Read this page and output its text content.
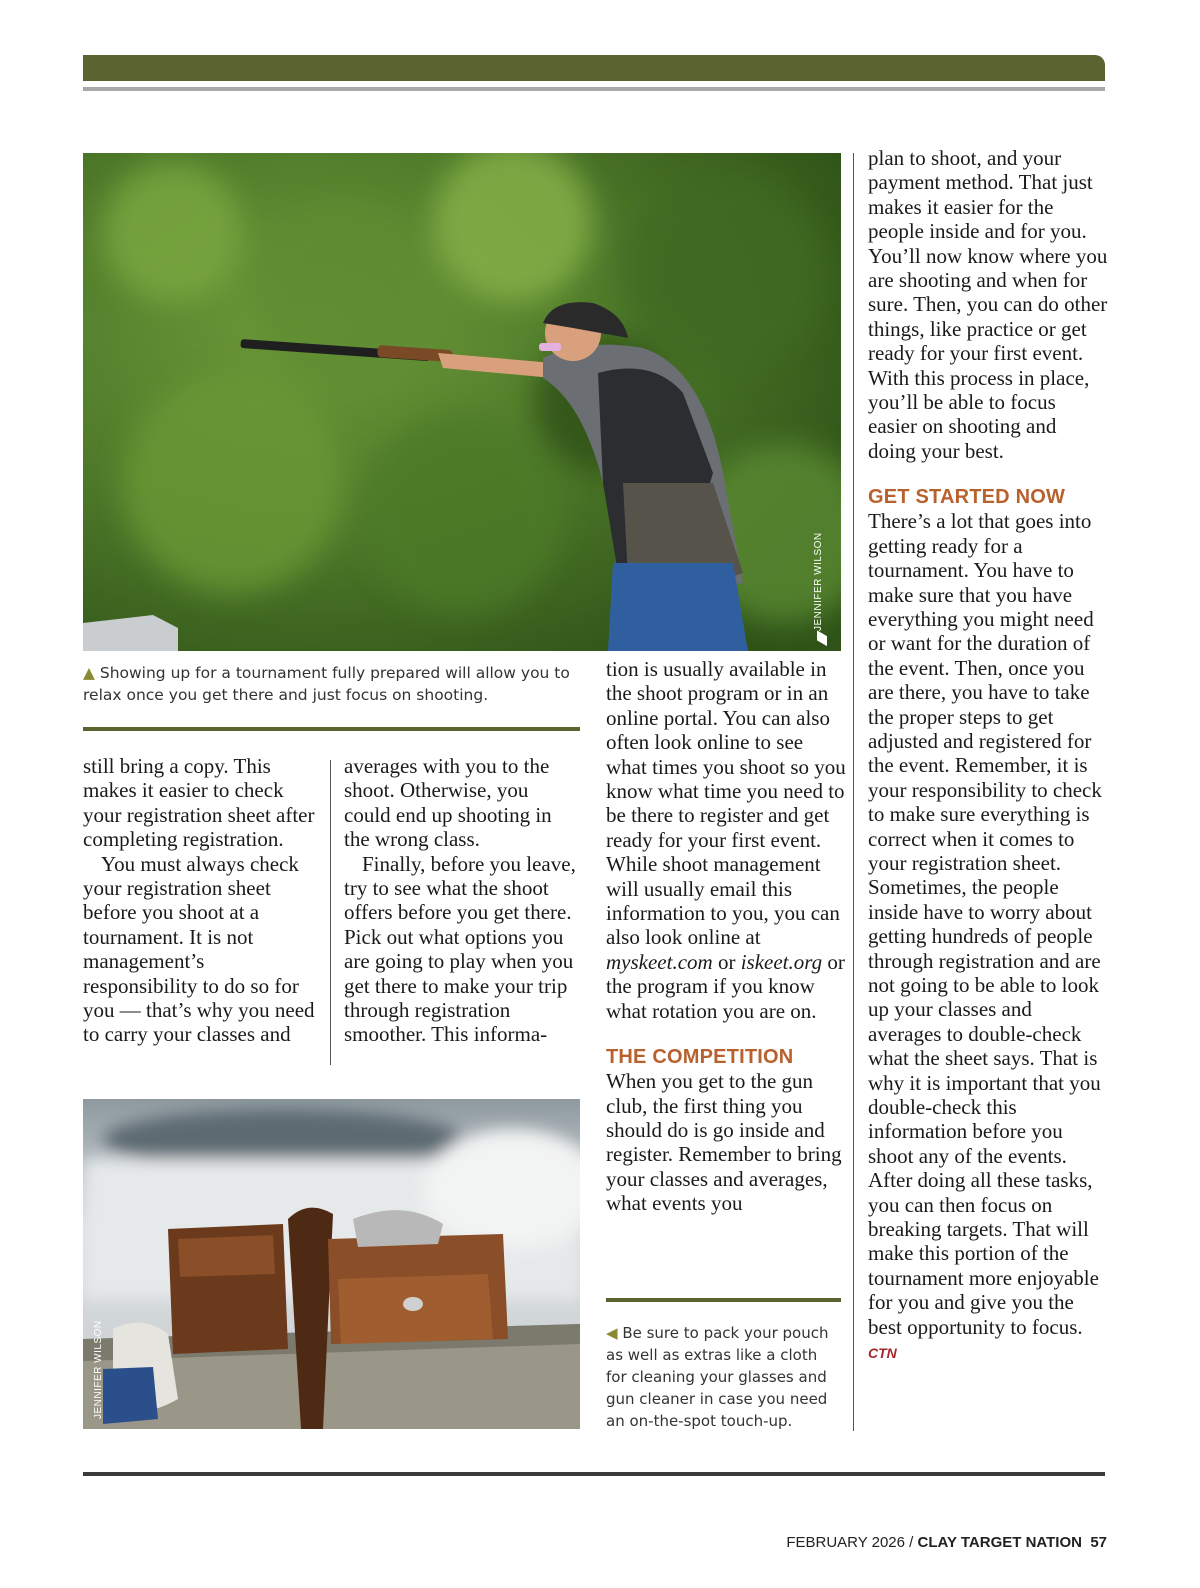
JENNIFER WILSON
▲ Showing up for a tournament fully prepared will allow you to relax once you get there and just focus on shooting.

still bring a copy. This makes it easier to check your registration sheet after completing registration.

You must always check your registration sheet before you shoot at a tournament. It is not management’s responsibility to do so for you — that’s why you need to carry your classes and

averages with you to the shoot. Otherwise, you could end up shooting in the wrong class.

Finally, before you leave, try to see what the shoot offers before you get there. Pick out what options you are going to play when you get there to make your trip through registration smoother. This informa-

JENNIFER WILSON

tion is usually available in the shoot program or in an online portal. You can also often look online to see what times you shoot so you know what time you need to be there to register and get ready for your first event. While shoot management will usually email this information to you, you can also look online at myskeet.com or iskeet.org or the program if you know what rotation you are on.

THE COMPETITION

When you get to the gun club, the first thing you should do is go inside and register. Remember to bring your classes and averages, what events you

◀ Be sure to pack your pouch as well as extras like a cloth for cleaning your glasses and gun cleaner in case you need an on-the-spot touch-up.

plan to shoot, and your payment method. That just makes it easier for the people inside and for you. You’ll now know where you are shooting and when for sure. Then, you can do other things, like practice or get ready for your first event. With this process in place, you’ll be able to focus easier on shooting and doing your best.

GET STARTED NOW

There’s a lot that goes into getting ready for a tournament. You have to make sure that you have everything you might need or want for the duration of the event. Then, once you are there, you have to take the proper steps to get adjusted and registered for the event. Remember, it is your responsibility to check to make sure everything is correct when it comes to your registration sheet. Sometimes, the people inside have to worry about getting hundreds of people through registration and are not going to be able to look up your classes and averages to double-check what the sheet says. That is why it is important that you double-check this information before you shoot any of the events. After doing all these tasks, you can then focus on breaking targets. That will make this portion of the tournament more enjoyable for you and give you the best opportunity to focus. CTN

FEBRUARY 2026 / CLAY TARGET NATION 57
